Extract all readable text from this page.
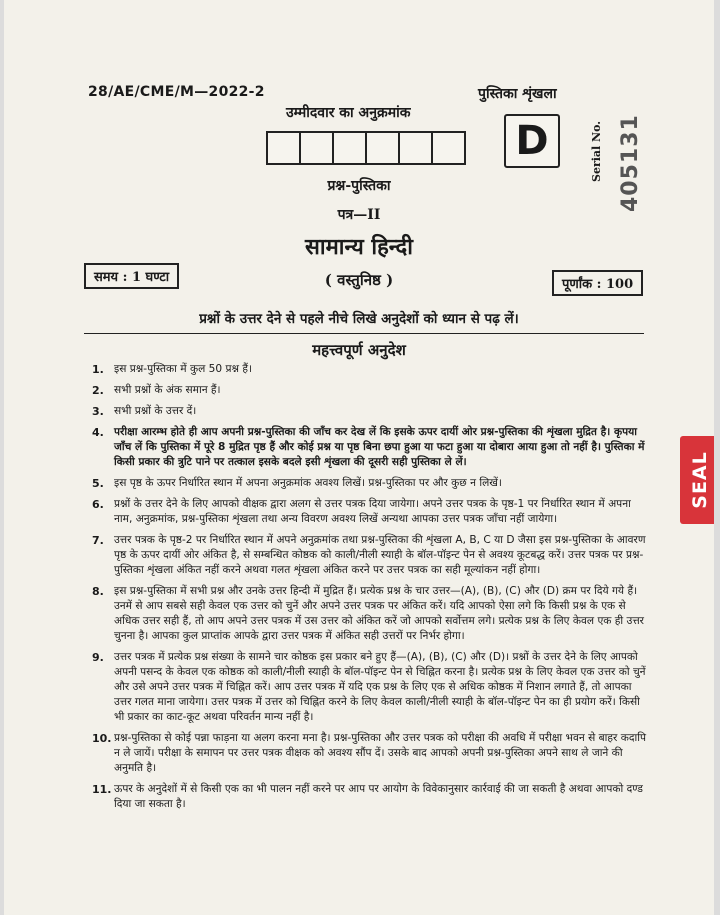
28/AE/CME/M—2022-2
उम्मीदवार का अनुक्रमांक
पुस्तिका शृंखला
D	Serial No. 405131
प्रश्न-पुस्तिका
पत्र—II
सामान्य हिन्दी
( वस्तुनिष्ठ )
समय : 1 घण्टा	पूर्णांक : 100
प्रश्नों के उत्तर देने से पहले नीचे लिखे अनुदेशों को ध्यान से पढ़ लें।
महत्त्वपूर्ण अनुदेश
1. इस प्रश्न-पुस्तिका में कुल 50 प्रश्न हैं।
2. सभी प्रश्नों के अंक समान हैं।
3. सभी प्रश्नों के उत्तर दें।
4. परीक्षा आरम्भ होते ही आप अपनी प्रश्न-पुस्तिका की जाँच कर देख लें कि इसके ऊपर दायीं ओर प्रश्न-पुस्तिका की शृंखला मुद्रित है। कृपया जाँच लें कि पुस्तिका में पूरे 8 मुद्रित पृष्ठ हैं और कोई प्रश्न या पृष्ठ बिना छपा हुआ या फटा हुआ या दोबारा आया हुआ तो नहीं है। पुस्तिका में किसी प्रकार की त्रुटि पाने पर तत्काल इसके बदले इसी शृंखला की दूसरी सही पुस्तिका ले लें।
5. इस पृष्ठ के ऊपर निर्धारित स्थान में अपना अनुक्रमांक अवश्य लिखें। प्रश्न-पुस्तिका पर और कुछ न लिखें।
6. प्रश्नों के उत्तर देने के लिए आपको वीक्षक द्वारा अलग से उत्तर पत्रक दिया जायेगा। अपने उत्तर पत्रक के पृष्ठ-1 पर निर्धारित स्थान में अपना नाम, अनुक्रमांक, प्रश्न-पुस्तिका शृंखला तथा अन्य विवरण अवश्य लिखें अन्यथा आपका उत्तर पत्रक जाँचा नहीं जायेगा।
7. उत्तर पत्रक के पृष्ठ-2 पर निर्धारित स्थान में अपने अनुक्रमांक तथा प्रश्न-पुस्तिका की शृंखला A, B, C या D जैसा इस प्रश्न-पुस्तिका के आवरण पृष्ठ के ऊपर दायीं ओर अंकित है, से सम्बन्धित कोष्ठक को काली/नीली स्याही के बॉल-पॉइन्ट पेन से अवश्य कूटबद्ध करें। उत्तर पत्रक पर प्रश्न-पुस्तिका शृंखला अंकित नहीं करने अथवा गलत शृंखला अंकित करने पर उत्तर पत्रक का सही मूल्यांकन नहीं होगा।
8. इस प्रश्न-पुस्तिका में सभी प्रश्न और उनके उत्तर हिन्दी में मुद्रित हैं। प्रत्येक प्रश्न के चार उत्तर—(A), (B), (C) और (D) क्रम पर दिये गये हैं। उनमें से आप सबसे सही केवल एक उत्तर को चुनें और अपने उत्तर पत्रक पर अंकित करें। यदि आपको ऐसा लगे कि किसी प्रश्न के एक से अधिक उत्तर सही हैं, तो आप अपने उत्तर पत्रक में उस उत्तर को अंकित करें जो आपको सर्वोत्तम लगे। प्रत्येक प्रश्न के लिए केवल एक ही उत्तर चुनना है। आपका कुल प्राप्तांक आपके द्वारा उत्तर पत्रक में अंकित सही उत्तरों पर निर्भर होगा।
9. उत्तर पत्रक में प्रत्येक प्रश्न संख्या के सामने चार कोष्ठक इस प्रकार बने हुए हैं—(A), (B), (C) और (D)। प्रश्नों के उत्तर देने के लिए आपको अपनी पसन्द के केवल एक कोष्ठक को काली/नीली स्याही के बॉल-पॉइन्ट पेन से चिह्नित करना है। प्रत्येक प्रश्न के लिए केवल एक उत्तर को चुनें और उसे अपने उत्तर पत्रक में चिह्नित करें। आप उत्तर पत्रक में यदि एक प्रश्न के लिए एक से अधिक कोष्ठक में निशान लगाते हैं, तो आपका उत्तर गलत माना जायेगा। उत्तर पत्रक में उत्तर को चिह्नित करने के लिए केवल काली/नीली स्याही के बॉल-पॉइन्ट पेन का ही प्रयोग करें। किसी भी प्रकार का काट-कूट अथवा परिवर्तन मान्य नहीं है।
10. प्रश्न-पुस्तिका से कोई पन्ना फाड़ना या अलग करना मना है। प्रश्न-पुस्तिका और उत्तर पत्रक को परीक्षा की अवधि में परीक्षा भवन से बाहर कदापि न ले जायें। परीक्षा के समापन पर उत्तर पत्रक वीक्षक को अवश्य सौंप दें। उसके बाद आपको अपनी प्रश्न-पुस्तिका अपने साथ ले जाने की अनुमति है।
11. ऊपर के अनुदेशों में से किसी एक का भी पालन नहीं करने पर आप पर आयोग के विवेकानुसार कार्रवाई की जा सकती है अथवा आपको दण्ड दिया जा सकता है।
SEAL
